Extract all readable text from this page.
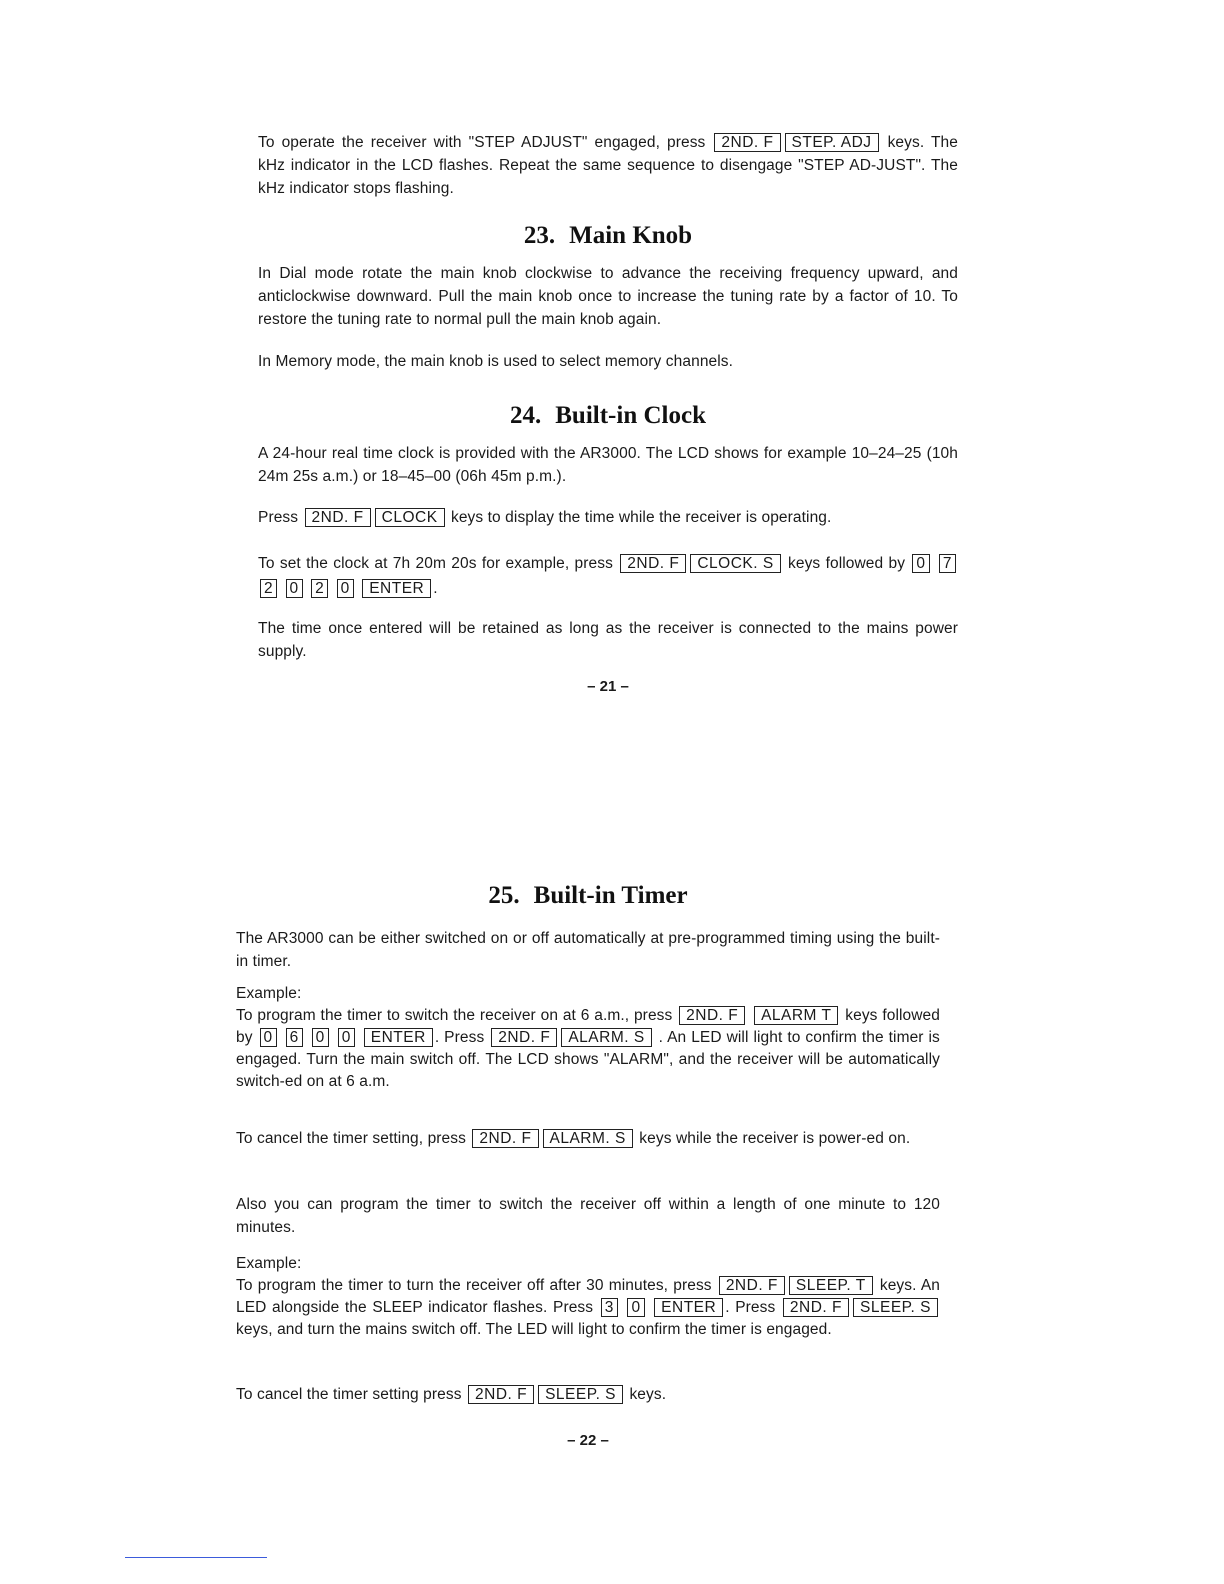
To operate the receiver with "STEP ADJUST" engaged, press 2ND. F STEP. ADJ keys. The kHz indicator in the LCD flashes. Repeat the same sequence to disengage "STEP AD-JUST". The kHz indicator stops flashing.

23. Main Knob

In Dial mode rotate the main knob clockwise to advance the receiving frequency upward, and anticlockwise downward. Pull the main knob once to increase the tuning rate by a factor of 10. To restore the tuning rate to normal pull the main knob again.

In Memory mode, the main knob is used to select memory channels.

24. Built-in Clock

A 24-hour real time clock is provided with the AR3000. The LCD shows for example 10–24–25 (10h 24m 25s a.m.) or 18–45–00 (06h 45m p.m.).

Press 2ND. F CLOCK keys to display the time while the receiver is operating.

To set the clock at 7h 20m 20s for example, press 2ND. F CLOCK. S keys followed by 0 7 2 0 2 0 ENTER .

The time once entered will be retained as long as the receiver is connected to the mains power supply.

– 21 –
25. Built-in Timer

The AR3000 can be either switched on or off automatically at pre-programmed timing using the built-in timer.

Example:
To program the timer to switch the receiver on at 6 a.m., press 2ND. F ALARM T keys followed by 0 6 0 0 ENTER . Press 2ND. F ALARM. S . An LED will light to confirm the timer is engaged. Turn the main switch off. The LCD shows "ALARM", and the receiver will be automatically switch-ed on at 6 a.m.

To cancel the timer setting, press 2ND. F ALARM. S keys while the receiver is power-ed on.

Also you can program the timer to switch the receiver off within a length of one minute to 120 minutes.

Example:
To program the timer to turn the receiver off after 30 minutes, press 2ND. F SLEEP. T keys. An LED alongside the SLEEP indicator flashes. Press 3 0 ENTER . Press 2ND. F SLEEP. S keys, and turn the mains switch off. The LED will light to confirm the timer is engaged.

To cancel the timer setting press 2ND. F SLEEP. S keys.

– 22 –
